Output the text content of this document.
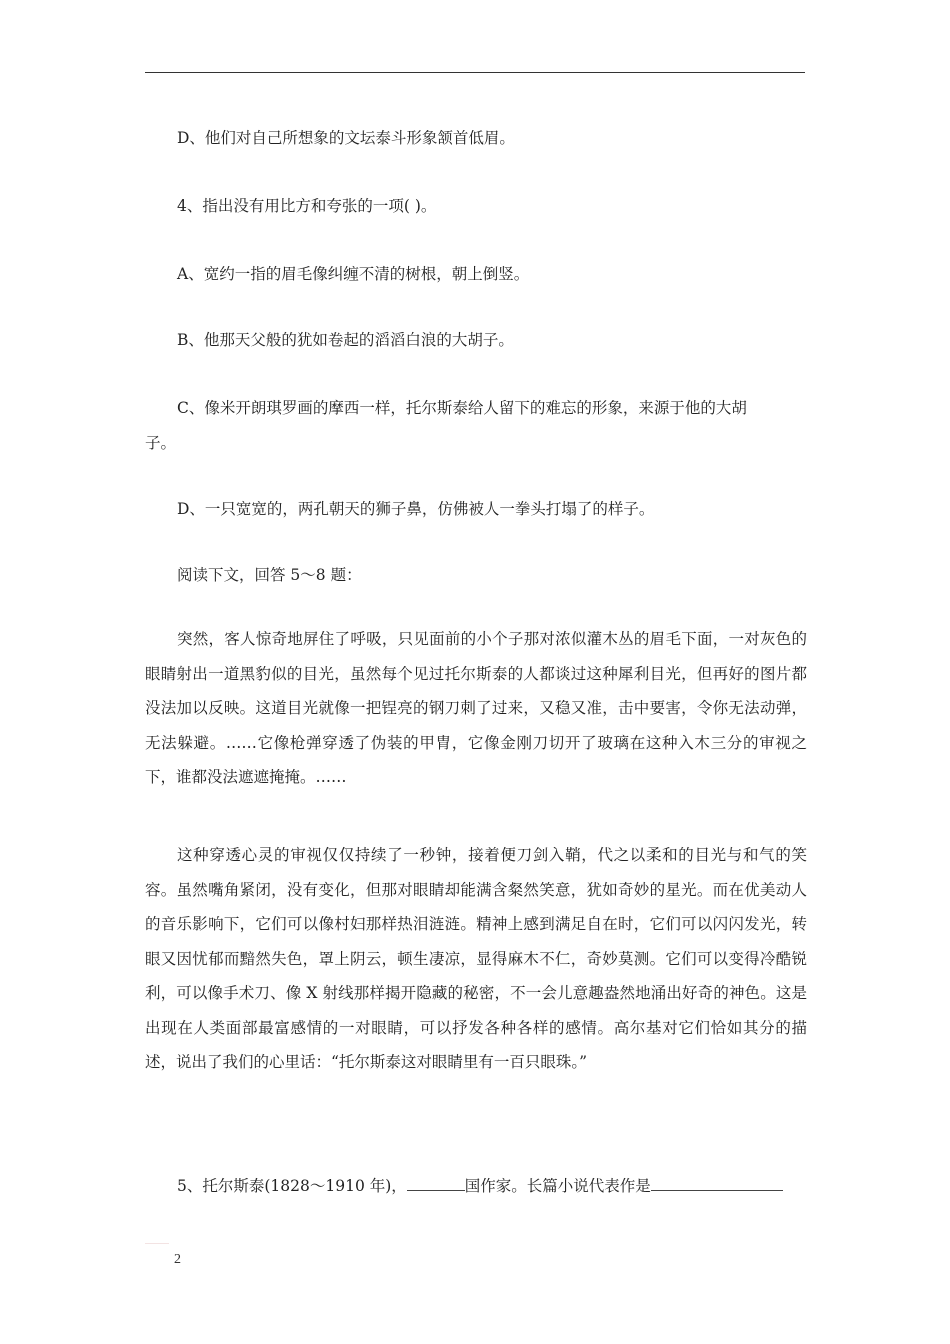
D、他们对自己所想象的文坛泰斗形象颔首低眉。
4、指出没有用比方和夸张的一项( )。
A、宽约一指的眉毛像纠缠不清的树根，朝上倒竖。
B、他那天父般的犹如卷起的滔滔白浪的大胡子。
C、像米开朗琪罗画的摩西一样，托尔斯泰给人留下的难忘的形象，来源于他的大胡
子。
D、一只宽宽的，两孔朝天的狮子鼻，仿佛被人一拳头打塌了的样子。
阅读下文，回答 5～8 题：
突然，客人惊奇地屏住了呼吸，只见面前的小个子那对浓似灌木丛的眉毛下面，一对灰色的眼睛射出一道黑豹似的目光，虽然每个见过托尔斯泰的人都谈过这种犀利目光，但再好的图片都没法加以反映。这道目光就像一把锃亮的钢刀刺了过来，又稳又准，击中要害，令你无法动弹，无法躲避。……它像枪弹穿透了伪装的甲胄，它像金刚刀切开了玻璃在这种入木三分的审视之下，谁都没法遮遮掩掩。……
这种穿透心灵的审视仅仅持续了一秒钟，接着便刀剑入鞘，代之以柔和的目光与和气的笑容。虽然嘴角紧闭，没有变化，但那对眼睛却能满含粲然笑意，犹如奇妙的星光。而在优美动人的音乐影响下，它们可以像村妇那样热泪涟涟。精神上感到满足自在时，它们可以闪闪发光，转眼又因忧郁而黯然失色，罩上阴云，顿生凄凉，显得麻木不仁，奇妙莫测。它们可以变得冷酷锐利，可以像手术刀、像 X 射线那样揭开隐藏的秘密，不一会儿意趣盎然地涌出好奇的神色。这是出现在人类面部最富感情的一对眼睛，可以抒发各种各样的感情。高尔基对它们恰如其分的描述，说出了我们的心里话：“托尔斯泰这对眼睛里有一百只眼珠。”
5、托尔斯泰(1828～1910 年)，	国作家。长篇小说代表作是
2
